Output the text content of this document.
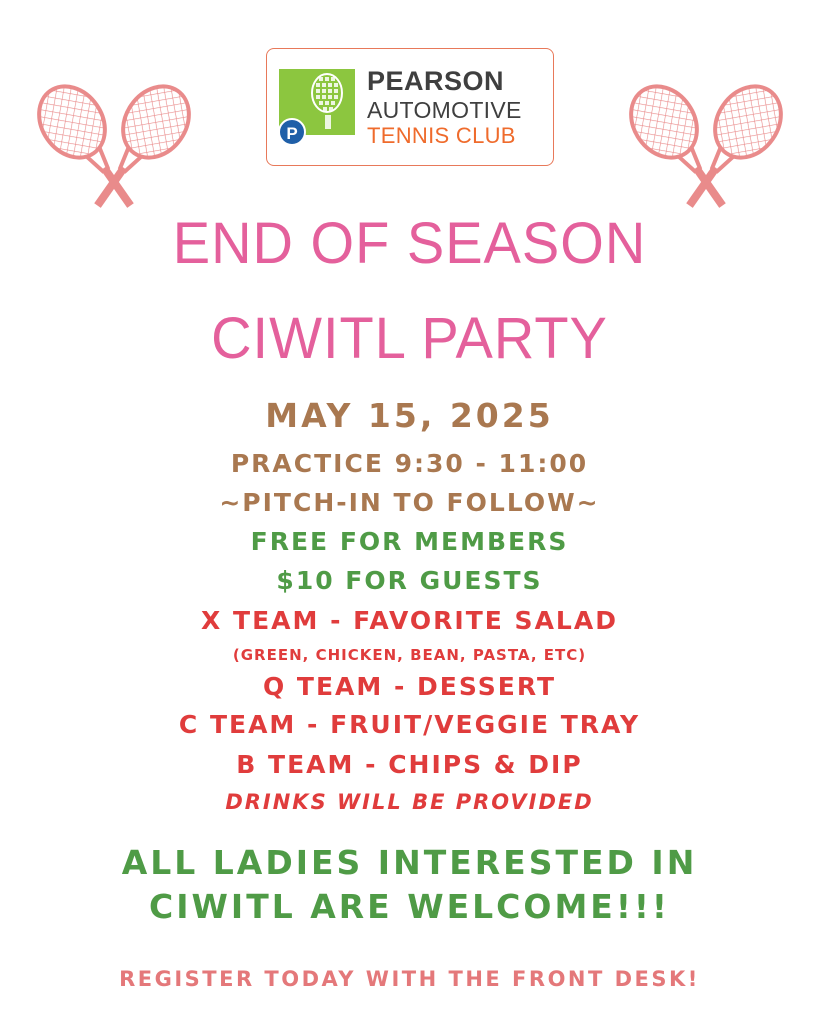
P
PEARSON
AUTOMOTIVE
TENNIS CLUB
END OF SEASON
CIWITL PARTY
MAY 15, 2025
PRACTICE 9:30 - 11:00
~PITCH-IN TO FOLLOW~
FREE FOR MEMBERS
$10 FOR GUESTS
X TEAM - FAVORITE SALAD
(GREEN, CHICKEN, BEAN, PASTA, ETC)
Q TEAM - DESSERT
C TEAM - FRUIT/VEGGIE TRAY
B TEAM - CHIPS & DIP
DRINKS WILL BE PROVIDED
ALL LADIES INTERESTED IN
CIWITL ARE WELCOME!!!
REGISTER TODAY WITH THE FRONT DESK!
